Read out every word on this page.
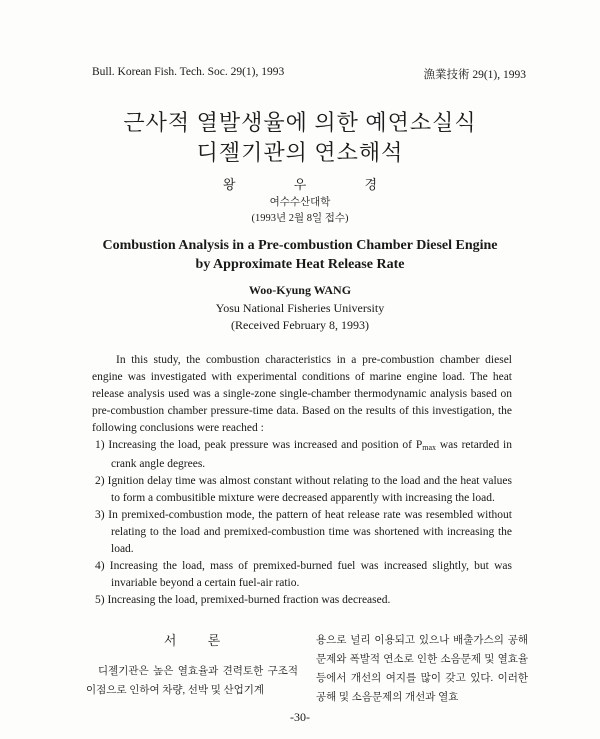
Bull. Korean Fish. Tech. Soc. 29(1), 1993	漁業技術 29(1), 1993
근사적 열발생율에 의한 예연소실식
디젤기관의 연소해석
왕 우 경
여수수산대학
(1993년 2월 8일 접수)
Combustion Analysis in a Pre-combustion Chamber Diesel Engine
by Approximate Heat Release Rate
Woo-Kyung WANG
Yosu National Fisheries University
(Received February 8, 1993)

In this study, the combustion characteristics in a pre-combustion chamber diesel engine was investigated with experimental conditions of marine engine load. The heat release analysis used was a single-zone single-chamber thermodynamic analysis based on pre-combustion chamber pressure-time data. Based on the results of this investigation, the following conclusions were reached :

1) Increasing the load, peak pressure was increased and position of $P_{max}$ was retarded in crank angle degrees.
2) Ignition delay time was almost constant without relating to the load and the heat values to form a combusitible mixture were decreased apparently with increasing the load.
3) In premixed-combustion mode, the pattern of heat release rate was resembled without relating to the load and premixed-combustion time was shortened with increasing the load.
4) Increasing the load, mass of premixed-burned fuel was increased slightly, but was invariable beyond a certain fuel-air ratio.
5) Increasing the load, premixed-burned fraction was decreased.
서 론

디젤기관은 높은 열효율과 견력토한 구조적 이점으로 인하여 차량, 선박 및 산업기계

용으로 널리 이용되고 있으나 배출가스의 공해문제와 폭발적 연소로 인한 소음문제 및 열효율 등에서 개선의 여지를 많이 갖고 있다. 이러한 공해 및 소음문제의 개선과 열효

-30-
